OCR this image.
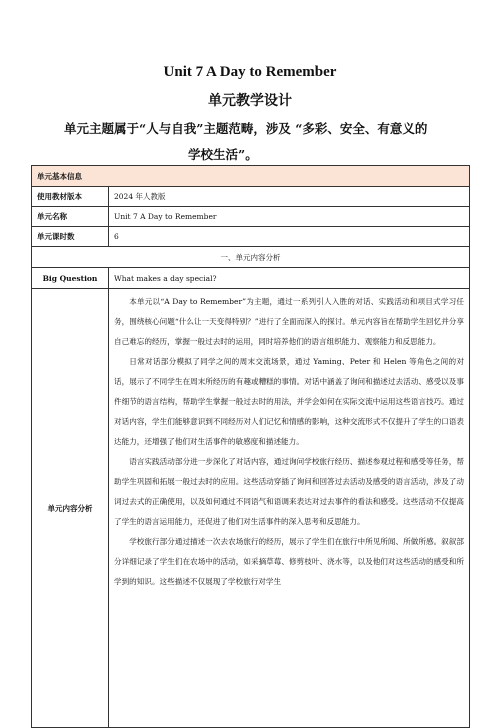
Unit 7 A Day to Remember
单元教学设计
单元主题属于“人与自我”主题范畴，涉及 “多彩、安全、有意义的
学校生活”。
单元基本信息	
使用教材版本	2024 年人教版
单元名称	Unit 7 A Day to Remember
单元课时数	6
一、单元内容分析	
Big Question	What makes a day special?
单元内容分析	本单元以“A Day to Remember”为主题，通过一系列引人入胜的对话、实践活动和项目式学习任务，围绕核心问题“什么让一天变得特别？”进行了全面而深入的探讨。单元内容旨在帮助学生回忆并分享自己难忘的经历，掌握一般过去时的运用，同时培养他们的语言组织能力、观察能力和反思能力。

日常对话部分模拟了同学之间的周末交流场景，通过 Yaming、Peter 和 Helen 等角色之间的对话，展示了不同学生在周末所经历的有趣或糟糕的事情。对话中涵盖了询问和描述过去活动、感受以及事件细节的语言结构，帮助学生掌握一般过去时的用法，并学会如何在实际交流中运用这些语言技巧。通过对话内容，学生们能够意识到不同经历对人们记忆和情感的影响，这种交流形式不仅提升了学生的口语表达能力，还增强了他们对生活事件的敏感度和描述能力。

语言实践活动部分进一步深化了对话内容，通过询问学校旅行经历、描述参观过程和感受等任务，帮助学生巩固和拓展一般过去时的应用。这些活动穿插了询问和回答过去活动及感受的语言活动，涉及了动词过去式的正确使用，以及如何通过不同语气和语调来表达对过去事件的看法和感受。这些活动不仅提高了学生的语言运用能力，还促进了他们对生活事件的深入思考和反思能力。

学校旅行部分通过描述一次去农场旅行的经历，展示了学生们在旅行中所见所闻、所做所感。叙叙部分详细记录了学生们在农场中的活动，如采摘草莓、修剪枝叶、浇水等，以及他们对这些活动的感受和所学到的知识。这些描述不仅展现了学校旅行对学生
